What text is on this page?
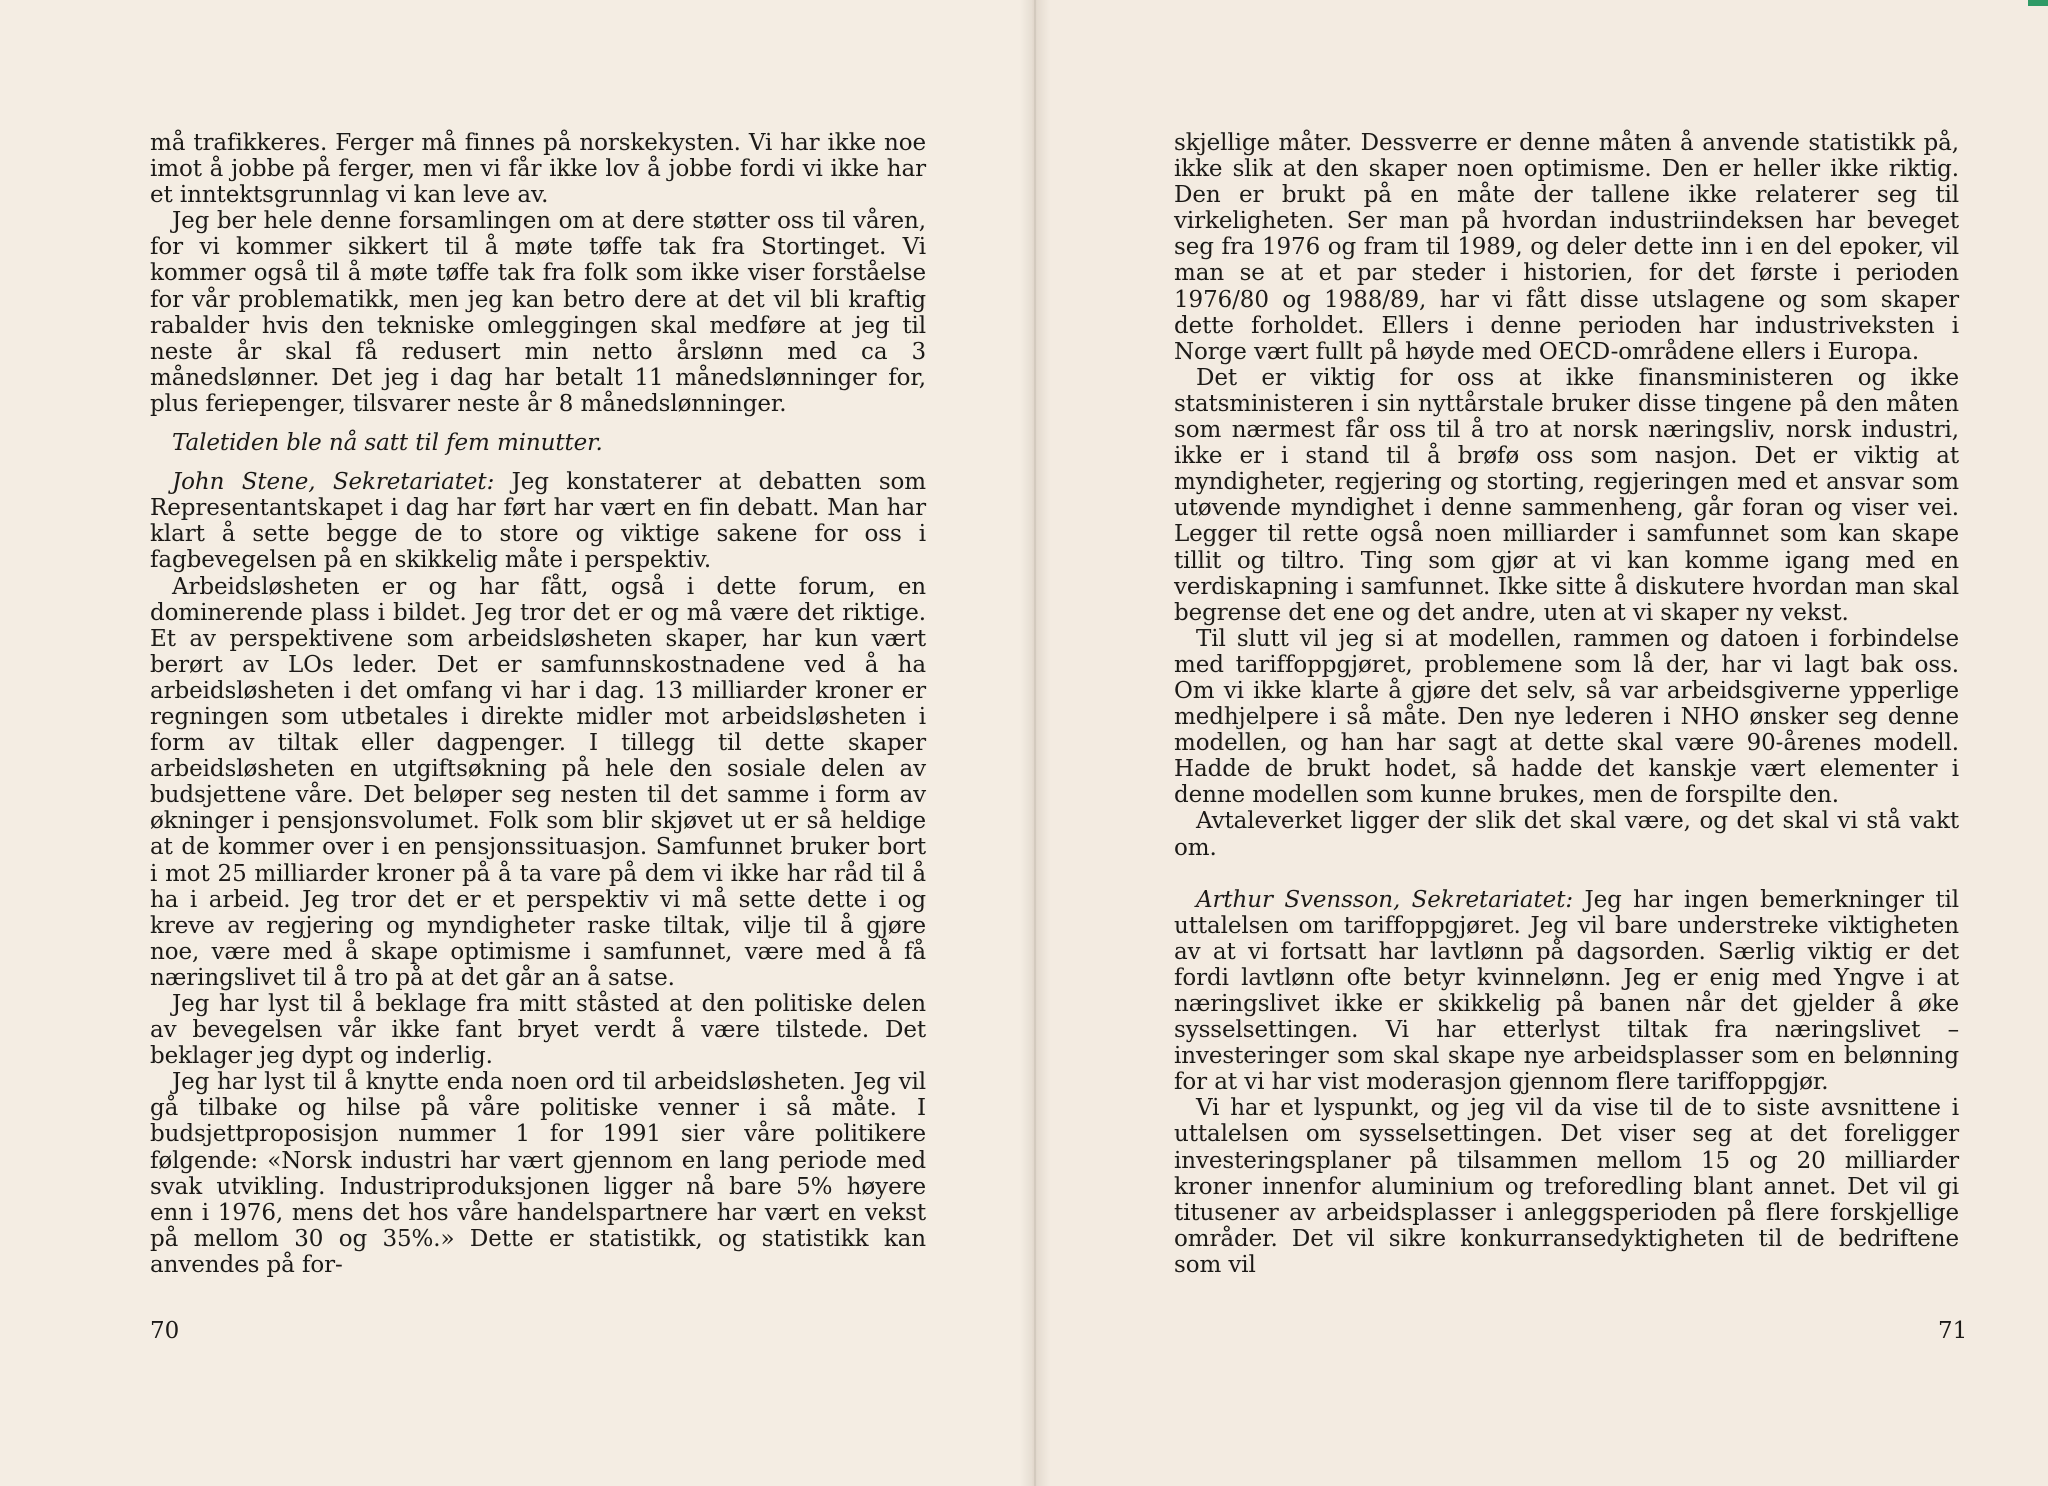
må trafikkeres. Ferger må finnes på norskekysten. Vi har ikke noe imot å jobbe på ferger, men vi får ikke lov å jobbe fordi vi ikke har et inntektsgrunnlag vi kan leve av.

Jeg ber hele denne forsamlingen om at dere støtter oss til våren, for vi kommer sikkert til å møte tøffe tak fra Stortinget. Vi kommer også til å møte tøffe tak fra folk som ikke viser forståelse for vår problematikk, men jeg kan betro dere at det vil bli kraftig rabalder hvis den tekniske omleggingen skal medføre at jeg til neste år skal få redusert min netto årslønn med ca 3 månedslønner. Det jeg i dag har betalt 11 månedslønninger for, plus feriepenger, tilsvarer neste år 8 månedslønninger.

Taletiden ble nå satt til fem minutter.

John Stene, Sekretariatet: Jeg konstaterer at debatten som Representantskapet i dag har ført har vært en fin debatt. Man har klart å sette begge de to store og viktige sakene for oss i fagbevegelsen på en skikkelig måte i perspektiv.

Arbeidsløsheten er og har fått, også i dette forum, en dominerende plass i bildet. Jeg tror det er og må være det riktige. Et av perspektivene som arbeidsløsheten skaper, har kun vært berørt av LOs leder. Det er samfunnskostnadene ved å ha arbeidsløsheten i det omfang vi har i dag. 13 milliarder kroner er regningen som utbetales i direkte midler mot arbeidsløsheten i form av tiltak eller dagpenger. I tillegg til dette skaper arbeidsløsheten en utgiftsøkning på hele den sosiale delen av budsjettene våre. Det beløper seg nesten til det samme i form av økninger i pensjonsvolumet. Folk som blir skjøvet ut er så heldige at de kommer over i en pensjonssituasjon. Samfunnet bruker bort i mot 25 milliarder kroner på å ta vare på dem vi ikke har råd til å ha i arbeid. Jeg tror det er et perspektiv vi må sette dette i og kreve av regjering og myndigheter raske tiltak, vilje til å gjøre noe, være med å skape optimisme i samfunnet, være med å få næringslivet til å tro på at det går an å satse.

Jeg har lyst til å beklage fra mitt ståsted at den politiske delen av bevegelsen vår ikke fant bryet verdt å være tilstede. Det beklager jeg dypt og inderlig.

Jeg har lyst til å knytte enda noen ord til arbeidsløsheten. Jeg vil gå tilbake og hilse på våre politiske venner i så måte. I budsjettproposisjon nummer 1 for 1991 sier våre politikere følgende: «Norsk industri har vært gjennom en lang periode med svak utvikling. Industriproduksjonen ligger nå bare 5% høyere enn i 1976, mens det hos våre handelspartnere har vært en vekst på mellom 30 og 35%.» Dette er statistikk, og statistikk kan anvendes på for-

70

skjellige måter. Dessverre er denne måten å anvende statistikk på, ikke slik at den skaper noen optimisme. Den er heller ikke riktig. Den er brukt på en måte der tallene ikke relaterer seg til virkeligheten. Ser man på hvordan industriindeksen har beveget seg fra 1976 og fram til 1989, og deler dette inn i en del epoker, vil man se at et par steder i historien, for det første i perioden 1976/80 og 1988/89, har vi fått disse utslagene og som skaper dette forholdet. Ellers i denne perioden har industriveksten i Norge vært fullt på høyde med OECD-områdene ellers i Europa.

Det er viktig for oss at ikke finansministeren og ikke statsministeren i sin nyttårstale bruker disse tingene på den måten som nærmest får oss til å tro at norsk næringsliv, norsk industri, ikke er i stand til å brøfø oss som nasjon. Det er viktig at myndigheter, regjering og storting, regjeringen med et ansvar som utøvende myndighet i denne sammenheng, går foran og viser vei. Legger til rette også noen milliarder i samfunnet som kan skape tillit og tiltro. Ting som gjør at vi kan komme igang med en verdiskapning i samfunnet. Ikke sitte å diskutere hvordan man skal begrense det ene og det andre, uten at vi skaper ny vekst.

Til slutt vil jeg si at modellen, rammen og datoen i forbindelse med tariffoppgjøret, problemene som lå der, har vi lagt bak oss. Om vi ikke klarte å gjøre det selv, så var arbeidsgiverne ypperlige medhjelpere i så måte. Den nye lederen i NHO ønsker seg denne modellen, og han har sagt at dette skal være 90-årenes modell. Hadde de brukt hodet, så hadde det kanskje vært elementer i denne modellen som kunne brukes, men de forspilte den.

Avtaleverket ligger der slik det skal være, og det skal vi stå vakt om.

Arthur Svensson, Sekretariatet: Jeg har ingen bemerkninger til uttalelsen om tariffoppgjøret. Jeg vil bare understreke viktigheten av at vi fortsatt har lavtlønn på dagsorden. Særlig viktig er det fordi lavtlønn ofte betyr kvinnelønn. Jeg er enig med Yngve i at næringslivet ikke er skikkelig på banen når det gjelder å øke sysselsettingen. Vi har etterlyst tiltak fra næringslivet – investeringer som skal skape nye arbeidsplasser som en belønning for at vi har vist moderasjon gjennom flere tariffoppgjør.

Vi har et lyspunkt, og jeg vil da vise til de to siste avsnittene i uttalelsen om sysselsettingen. Det viser seg at det foreligger investeringsplaner på tilsammen mellom 15 og 20 milliarder kroner innenfor aluminium og treforedling blant annet. Det vil gi titusener av arbeidsplasser i anleggsperioden på flere forskjellige områder. Det vil sikre konkurransedyktigheten til de bedriftene som vil

71
